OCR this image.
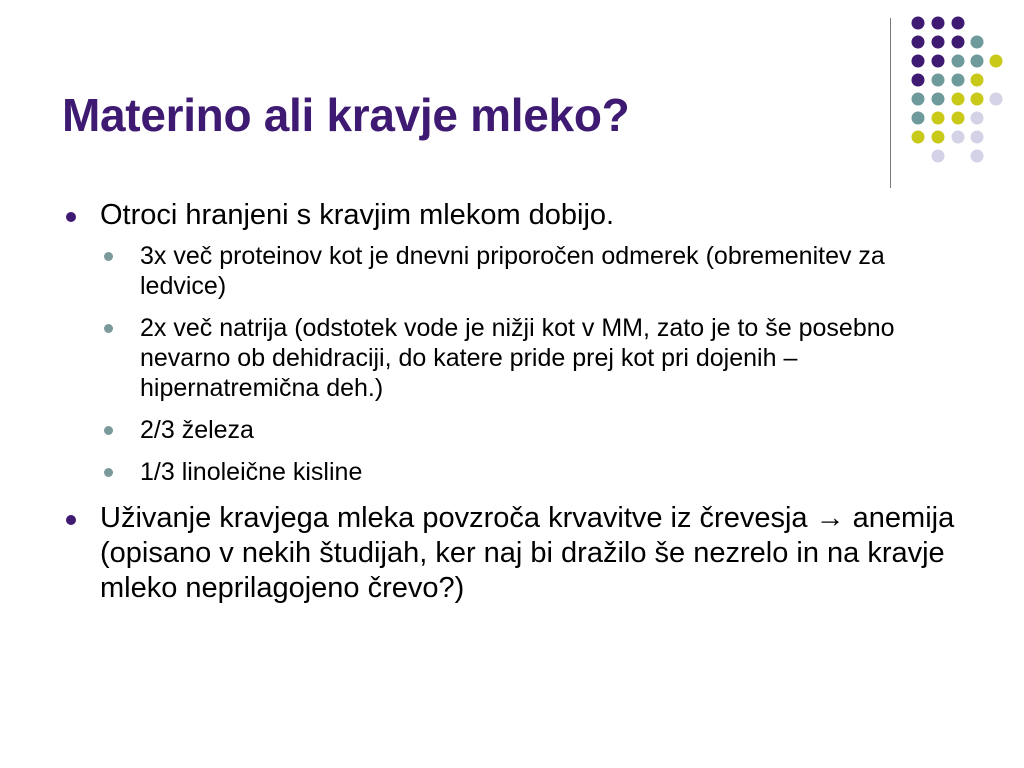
Materino ali kravje mleko?
Otroci hranjeni s kravjim mlekom dobijo.
3x več proteinov kot je dnevni priporočen odmerek (obremenitev za ledvice)
2x več natrija (odstotek vode je nižji kot v MM, zato je to še posebno nevarno ob dehidraciji, do katere pride prej kot pri dojenih – hipernatremična deh.)
2/3 železa
1/3 linoleične kisline
Uživanje kravjega mleka povzroča krvavitve iz črevesja → anemija (opisano v nekih študijah, ker naj bi dražilo še nezrelo in na kravje mleko neprilagojeno črevo?)
